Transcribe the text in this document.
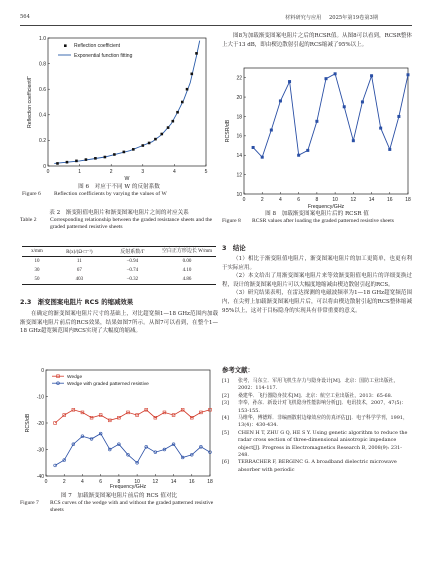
564	材料研究与应用 2025年第19卷第3期
0	1	2	3	4	5
0
0.2
0.4
0.6
0.8
1.0
W
Reflection coefficient/Γ
Reflection coefficient
Exponential function fitting
图 6　对应于不同 W 的反射系数
Figure 6	Reflection coefficients by varying the values of W
表 2　渐变阻值电阻片和渐变图案电阻片之间的对应关系
Table 2	Corresponding relationship between the graded resistance sheets and the graded patterned resistive sheets
x/mm	R(x)/(Ω·□⁻¹)	反射系数/Γ	空白正方形边长 W/mm
10	11	−0.94	0.00
30	67	−0.74	4.10
50	403	−0.32	4.86
2.3　渐变图案电阻片 RCS 的缩减效果

在确定的渐变图案电阻片尺寸的基础上，对比超宽频1—18 GHz范围内加载渐变图案电阻片前后的RCS效果，结果如图7所示。从图7可以看到，在整个1—18 GHz超宽频范围内RCS实现了大幅度的缩减。

0	2	4	6	8	10	12	14	16	18
-40
-30
-20
-10
0
Frequency/GHz
RCS/dB
Wedge
Wedge with graded patterned resistive
图 7　加载渐变图案电阻片前后的 RCS 值对比
Figure 7	RCS curves of the wedge with and without the graded patterned resistive sheets

图8为加载渐变图案电阻片之后的RCSR值。从图8可以看到，RCSR整体上大于13 dB，即由楔边散射引起的RCS缩减了95%以上。

0	2	4	6	8	10	12	14	16	18
10
12
14
16
18
20
22
Frequency/GHz
RCSR/dB
图 8　加载渐变图案电阻片后的 RCSR 值
Figure 8	RCSR values after loading the graded patterned resistive sheets
3　结论

（1）相比于渐变阻值电阻片，渐变图案电阻片的加工更简单，也更有利于实际应用。

（2）本文给出了用渐变图案电阻片来等效渐变阻值电阻片的详细变换过程，设计的渐变图案电阻片可以大幅度地缩减由楔边散射引起的RCS。

（3）研究结果表明，在雷达探测的电磁波频率为1—18 GHz超宽频范围内，在尖劈上加载渐变图案电阻片后，可以将由楔边散射引起的RCS整体缩减95%以上，这对于目标隐身的实现具有非常重要的意义。

参考文献：
[1]	张考，马东立．军用飞机生存力与隐身设计[M]．北京：国防工业出版社，2002：114-117.
[2]	桑建华．飞行器隐身技术[M]．北京：航空工业出版社，2013：65-68.
[3]	李奉，孙东．新设计对飞机隐身性能影响分析[J]．电讯技术，2007，47(5)：153-155.
[4]	马维华，傅德辉．非编画散射边缘效应的仿真评估[J]．电子科学学刊，1991，13(4)：430-434.
[5]	CHEN H T, ZHU G Q, HE S Y. Using genetic algorithm to reduce the radar cross section of three-dimensional anisotropic impedance object[J]. Progress in Electromagnetics Research B, 2008(9): 231-248.
[6]	TERRACHER F, BERGINC G. A broadband dielectric microwave absorber with periodic
